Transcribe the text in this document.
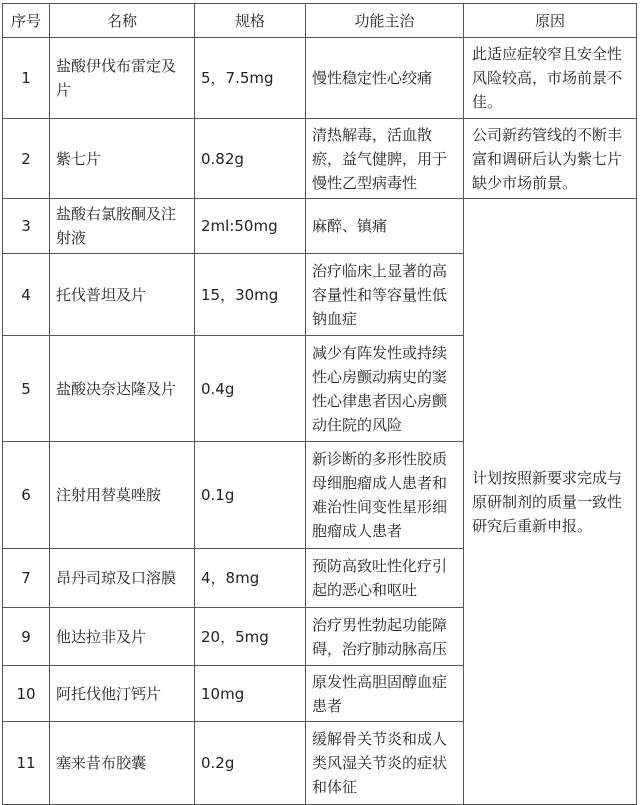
序号	名称	规格	功能主治	原因
1	盐酸伊伐布雷定及片	5，7.5mg	慢性稳定性心绞痛	此适应症较窄且安全性风险较高，市场前景不佳。
2	紫七片	0.82g	清热解毒，活血散瘀，益气健脾，用于慢性乙型病毒性	公司新药管线的不断丰富和调研后认为紫七片缺少市场前景。
3	盐酸右氯胺酮及注射液	2ml:50mg	麻醉、镇痛	计划按照新要求完成与原研制剂的质量一致性研究后重新申报。
4	托伐普坦及片	15，30mg	治疗临床上显著的高容量性和等容量性低钠血症	
5	盐酸决奈达隆及片	0.4g	减少有阵发性或持续性心房颤动病史的窦性心律患者因心房颤动住院的风险	
6	注射用替莫唑胺	0.1g	新诊断的多形性胶质母细胞瘤成人患者和难治性间变性星形细胞瘤成人患者	
7	昂丹司琼及口溶膜	4，8mg	预防高致吐性化疗引起的恶心和呕吐	
9	他达拉非及片	20，5mg	治疗男性勃起功能障碍，治疗肺动脉高压	
10	阿托伐他汀钙片	10mg	原发性高胆固醇血症患者	
11	塞来昔布胶囊	0.2g	缓解骨关节炎和成人类风湿关节炎的症状和体征	
